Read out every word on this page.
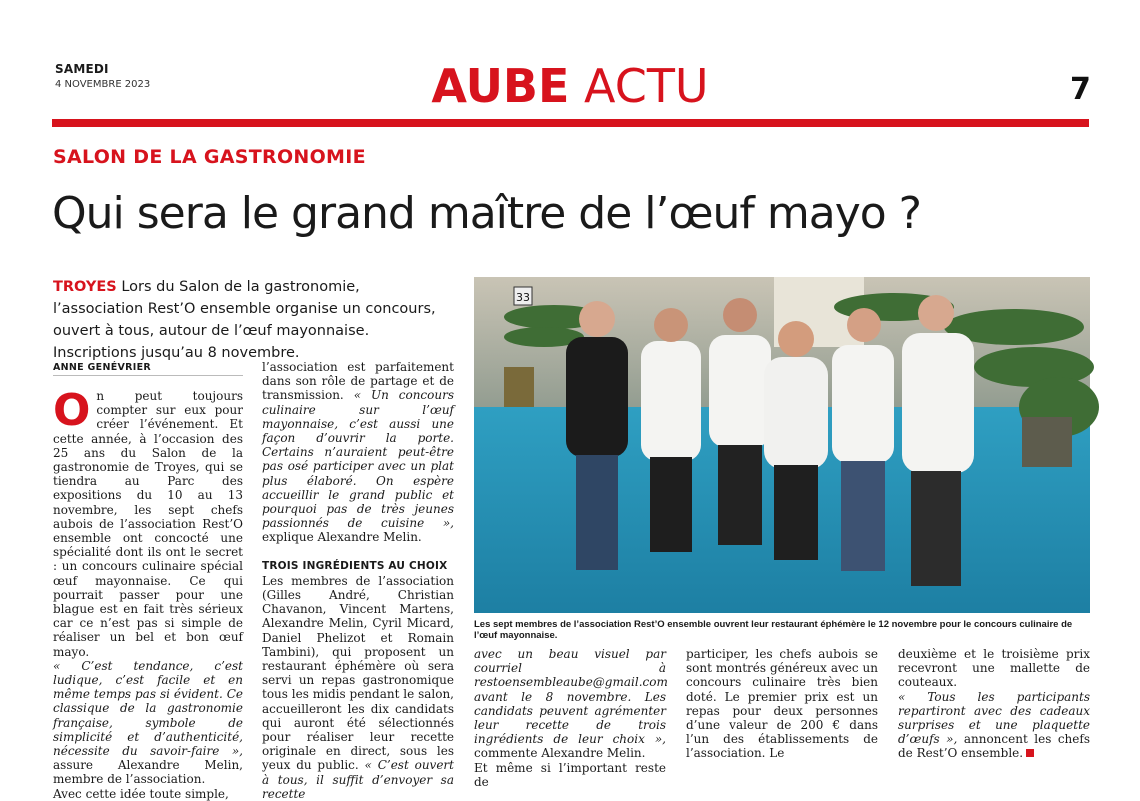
SAMEDI
4 NOVEMBRE 2023	AUBE ACTU	7
SALON DE LA GASTRONOMIE
Qui sera le grand maître de l’œuf mayo ?
TROYES Lors du Salon de la gastronomie, l’association Rest’O ensemble organise un concours, ouvert à tous, autour de l’œuf mayonnaise. Inscriptions jusqu’au 8 novembre.
ANNE GENÉVRIER

On peut toujours compter sur eux pour créer l’événement. Et cette année, à l’occasion des 25 ans du Salon de la gastronomie de Troyes, qui se tiendra au Parc des expositions du 10 au 13 novembre, les sept chefs aubois de l’association Rest’O ensemble ont concocté une spécialité dont ils ont le secret : un concours culinaire spécial œuf mayonnaise. Ce qui pourrait passer pour une blague est en fait très sérieux car ce n’est pas si simple de réaliser un bel et bon œuf mayo.

« C’est tendance, c’est ludique, c’est facile et en même temps pas si évident. Ce classique de la gastronomie française, symbole de simplicité et d’authenticité, nécessite du savoir-faire », assure Alexandre Melin, membre de l’association.

Avec cette idée toute simple,

l’association est parfaitement dans son rôle de partage et de transmission. « Un concours culinaire sur l’œuf mayonnaise, c’est aussi une façon d’ouvrir la porte. Certains n’auraient peut-être pas osé participer avec un plat plus élaboré. On espère accueillir le grand public et pourquoi pas de très jeunes passionnés de cuisine », explique Alexandre Melin.

TROIS INGRÉDIENTS AU CHOIX

Les membres de l’association (Gilles André, Christian Chavanon, Vincent Martens, Alexandre Melin, Cyril Micard, Daniel Phelizot et Romain Tambini), qui proposent un restaurant éphémère où sera servi un repas gastronomique tous les midis pendant le salon, accueilleront les dix candidats qui auront été sélectionnés pour réaliser leur recette originale en direct, sous les yeux du public. « C’est ouvert à tous, il suffit d’envoyer sa recette

33
Les sept membres de l’association Rest’O ensemble ouvrent leur restaurant éphémère le 12 novembre pour le concours culinaire de l’œuf mayonnaise.

avec un beau visuel par courriel à restoensembleaube@gmail.com avant le 8 novembre. Les candidats peuvent agrémenter leur recette de trois ingrédients de leur choix », commente Alexandre Melin.

Et même si l’important reste de

participer, les chefs aubois se sont montrés généreux avec un concours culinaire très bien doté. Le premier prix est un repas pour deux personnes d’une valeur de 200 € dans l’un des établissements de l’association. Le

deuxième et le troisième prix recevront une mallette de couteaux.

« Tous les participants repartiront avec des cadeaux surprises et une plaquette d’œufs », annoncent les chefs de Rest’O ensemble.
